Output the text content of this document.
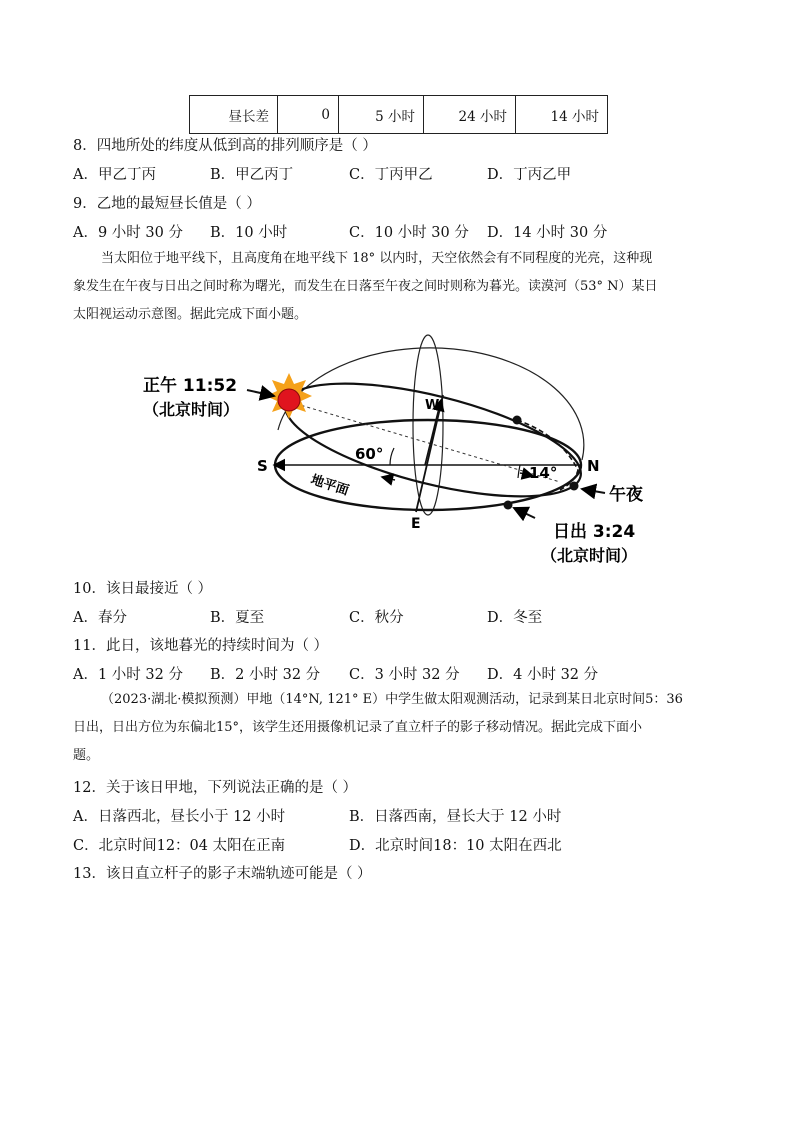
昼长差	0	5 小时	24 小时	14 小时
8．四地所处的纬度从低到高的排列顺序是（ ）
A．甲乙丁丙	B．甲乙丙丁	C．丁丙甲乙	D．丁丙乙甲
9．乙地的最短昼长值是（ ）
A．9 小时 30 分 B．10 小时	C．10 小时 30 分 D．14 小时 30 分
当太阳位于地平线下，且高度角在地平线下 18° 以内时，天空依然会有不同程度的光亮，这种现
象发生在午夜与日出之间时称为曙光，而发生在日落至午夜之间时则称为暮光。读漠河（53° N）某日
太阳视运动示意图。据此完成下面小题。
正午 11:52
（北京时间）
S	N
W
E
60°
14°
地平面	午夜
日出 3:24
（北京时间）
10．该日最接近（ ）
A．春分	B．夏至	C．秋分	D．冬至
11．此日，该地暮光的持续时间为（ ）
A．1 小时 32 分 B．2 小时 32 分 C．3 小时 32 分 D．4 小时 32 分
（2023·湖北·模拟预测）甲地（14°N, 121° E）中学生做太阳观测活动，记录到某日北京时间5：36
日出，日出方位为东偏北15°，该学生还用摄像机记录了直立杆子的影子移动情况。据此完成下面小
题。
12．关于该日甲地，下列说法正确的是（ ）
A．日落西北，昼长小于 12 小时	B．日落西南，昼长大于 12 小时
C．北京时间12：04 太阳在正南	D．北京时间18：10 太阳在西北
13．该日直立杆子的影子末端轨迹可能是（ ）
